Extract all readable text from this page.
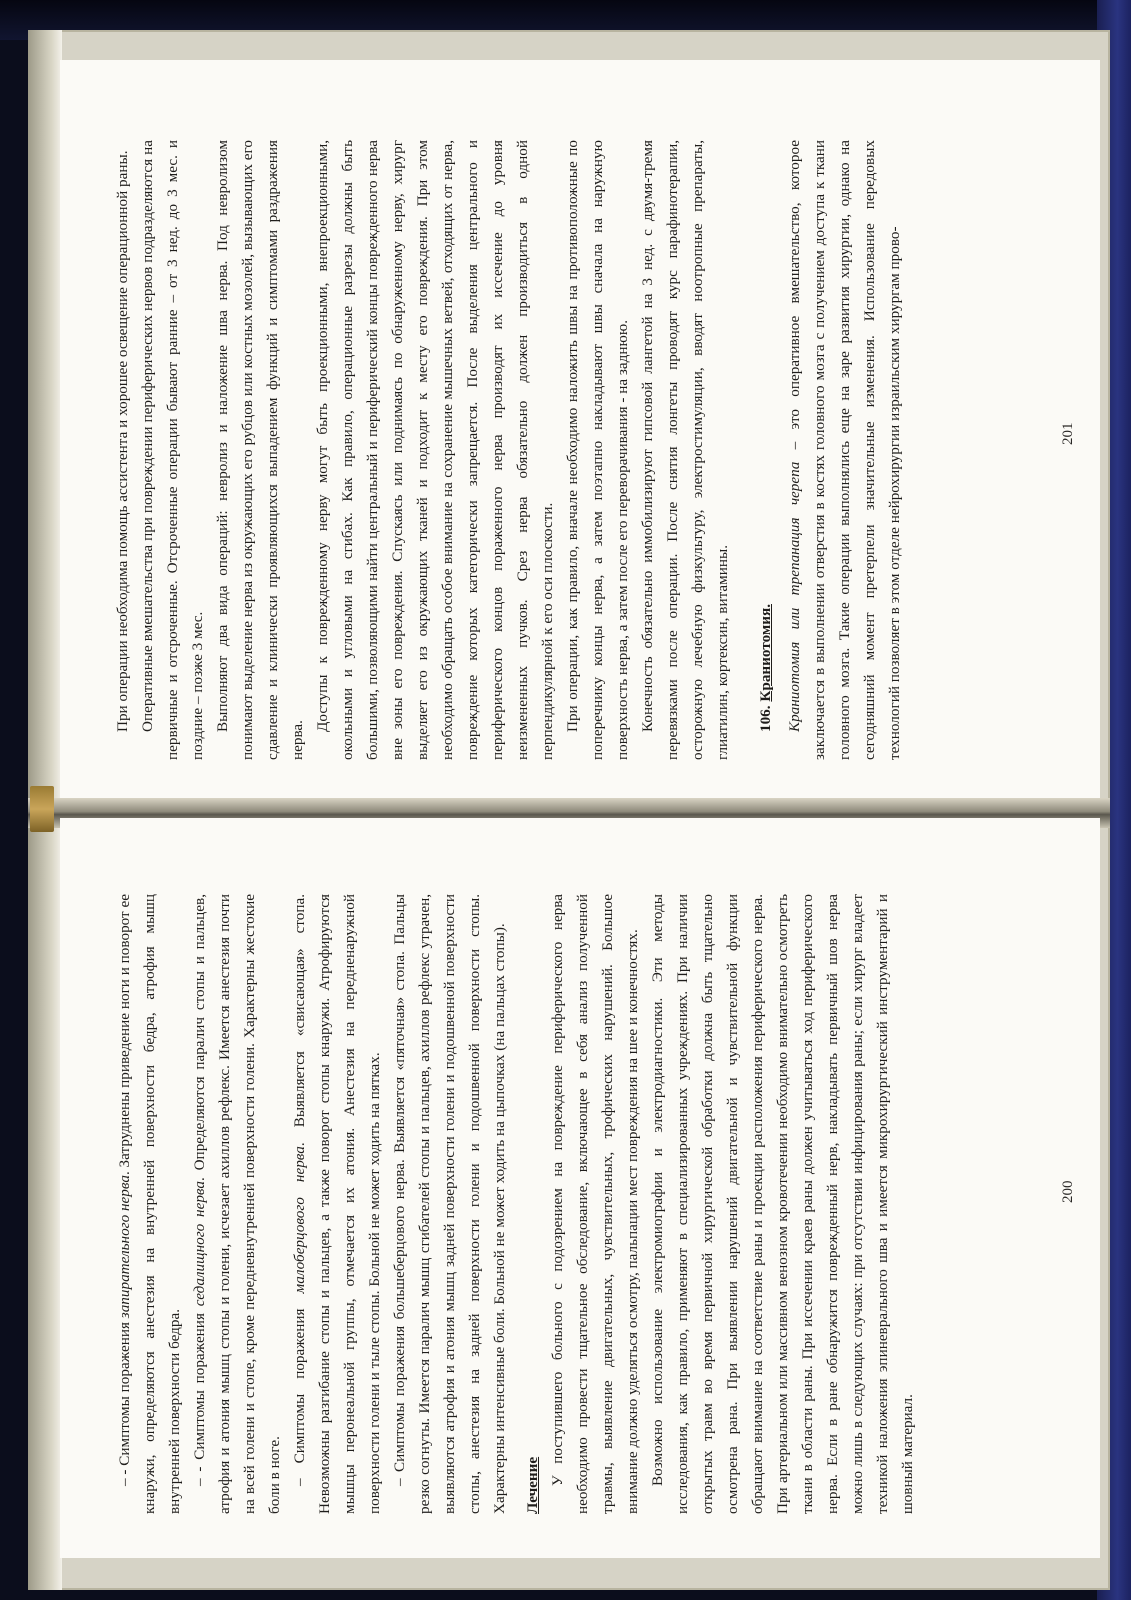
При операции необходима помощь ассистента и хорошее освещение операционной раны. Оперативные вмешательства при повреждении периферических нервов подразделяются на первичные и отсроченные. Отсроченные операции бывают ранние – от 3 нед. до 3 мес. и поздние – позже 3 мес. Выполняют два вида операций: невролиз и наложение шва нерва. Под невролизом понимают выделение нерва из окружающих его рубцов или костных мозолей, вызывающих его сдавление и клинически проявляющихся выпадением функций и симптомами раздражения нерва.

Доступы к поврежденному нерву могут быть проекционными, внепроекционными, окольными и угловыми на сгибах. Как правило, операционные разрезы должны быть большими, позволяющими найти центральный и периферический концы поврежденного нерва вне зоны его повреждения. Спускаясь или поднимаясь по обнаруженному нерву, хирург выделяет его из окружающих тканей и подходит к месту его повреждения. При этом необходимо обращать особое внимание на сохранение мышечных ветвей, отходящих от нерва, повреждение которых категорически запрещается. После выделения центрального и периферического концов пораженного нерва производят их иссечение до уровня неизмененных пучков. Срез нерва обязательно должен производиться в одной перпендикулярной к его оси плоскости. При операции, как правило, вначале необходимо наложить швы на противоположные по поперечнику концы нерва, а затем поэтапно накладывают швы сначала на наружную поверхность нерва, а затем после его переворачивания - на заднюю. Конечность обязательно иммобилизируют гипсовой лангетой на 3 нед. с двумя-тремя перевязками после операции. После снятия лонгеты проводят курс парафинотерапии, осторожную лечебную физкультуру, электростимуляции, вводят ноотропные препараты, глиатилин, кортексин, витамины. 106. Краниотомия. Краниотомия или трепанация черепа – это оперативное вмешательство, которое заключается в выполнении отверстия в костях головного мозга с получением доступа к ткани головного мозга. Такие операции выполнялись еще на заре развития хирургии, однако на сегодняшний момент претерпели значительные изменения. Использование передовых технологий позволяет в этом отделе нейрохирургии израильским хирургам прово-	201

– - Симптомы поражения запирательного нерва. Затруднены приведение ноги и поворот ее кнаружи, определяются анестезия на внутренней поверхности бедра, атрофия мышц внутренней поверхности бедра. – - Симптомы поражения седалищного нерва. Определяются паралич стопы и пальцев, атрофия и атония мышц стопы и голени, исчезает ахиллов рефлекс. Имеется анестезия почти на всей голени и стопе, кроме передневнутренней поверхности голени. Характерны жестокие боли в ноге. – Симптомы поражения малоберцового нерва. Выявляется «свисающая» стопа. Невозможны разгибание стопы и пальцев, а также поворот стопы кнаружи. Атрофируются мышцы перонеальной группы, отмечается их атония. Анестезия на передненаружной поверхности голени и тыле стопы. Больной не может ходить на пятках. – Симптомы поражения большеберцового нерва. Выявляется «пяточная» стопа. Пальцы резко согнуты. Имеется паралич мышц сгибателей стопы и пальцев, ахиллов рефлекс утрачен, выявляются атрофия и атония мышц задней поверхности голени и подошвенной поверхности стопы, анестезия на задней поверхности голени и подошвенной поверхности стопы. Характерны интенсивные боли. Больной не может ходить на цыпочках (на пальцах стопы). Лечение У поступившего больного с подозрением на повреждение периферического нерва необходимо провести тщательное обследование, включающее в себя анализ полученной травмы, выявление двигательных, чувствительных, трофических нарушений. Большое внимание должно уделяться осмотру, пальпации мест повреждения на шее и конечностях. Возможно использование электромиографии и электродиагностики. Эти методы исследования, как правило, применяют в специализированных учреждениях. При наличии открытых травм во время первичной хирургической обработки должна быть тщательно осмотрена рана. При выявлении нарушений двигательной и чувствительной функции обращают внимание на соответствие раны и проекции расположения периферического нерва. При артериальном или массивном венозном кровотечении необходимо внимательно осмотреть ткани в области раны. При иссечении краев раны должен учитываться ход периферического нерва. Если в ране обнаружится поврежденный нерв, накладывать первичный шов нерва можно лишь в следующих случаях: при отсутствии инфицирования раны; если хирург владеет техникой наложения эпиневрального шва и имеется микрохирургический инструментарий и шовный материал.

200
